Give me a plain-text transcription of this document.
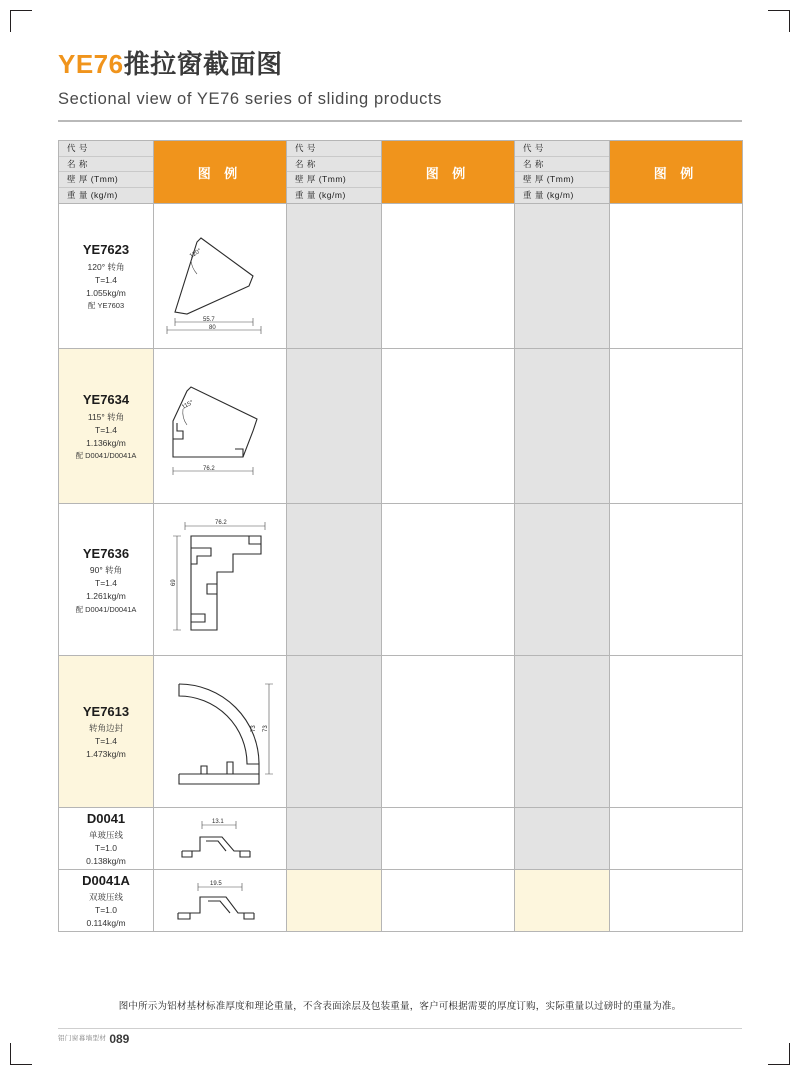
YE76推拉窗截面图
Sectional view of YE76 series of sliding products
代 号
名 称
壁 厚 (Tmm)
重 量 (kg/m)
	图 例	
代 号
名 称
壁 厚 (Tmm)
重 量 (kg/m)
	图 例	
代 号
名 称
壁 厚 (Tmm)
重 量 (kg/m)
	图 例

YE7623
120° 转角
T=1.4
1.055kg/m
配 YE7603

120°
55.7
80

YE7634
115° 转角
T=1.4
1.136kg/m
配 D0041/D0041A

115°
76.2

YE7636
90° 转角
T=1.4
1.261kg/m
配 D0041/D0041A

76.2
69

YE7613
转角边封
T=1.4
1.473kg/m

73
73

D0041
单玻压线
T=1.0
0.138kg/m	13.1				

D0041A
双玻压线
T=1.0
0.114kg/m	19.5				

图中所示为铝材基材标准厚度和理论重量，不含表面涂层及包装重量，客户可根据需要的厚度订购，实际重量以过磅时的重量为准。
铝门窗幕墙型材 089
